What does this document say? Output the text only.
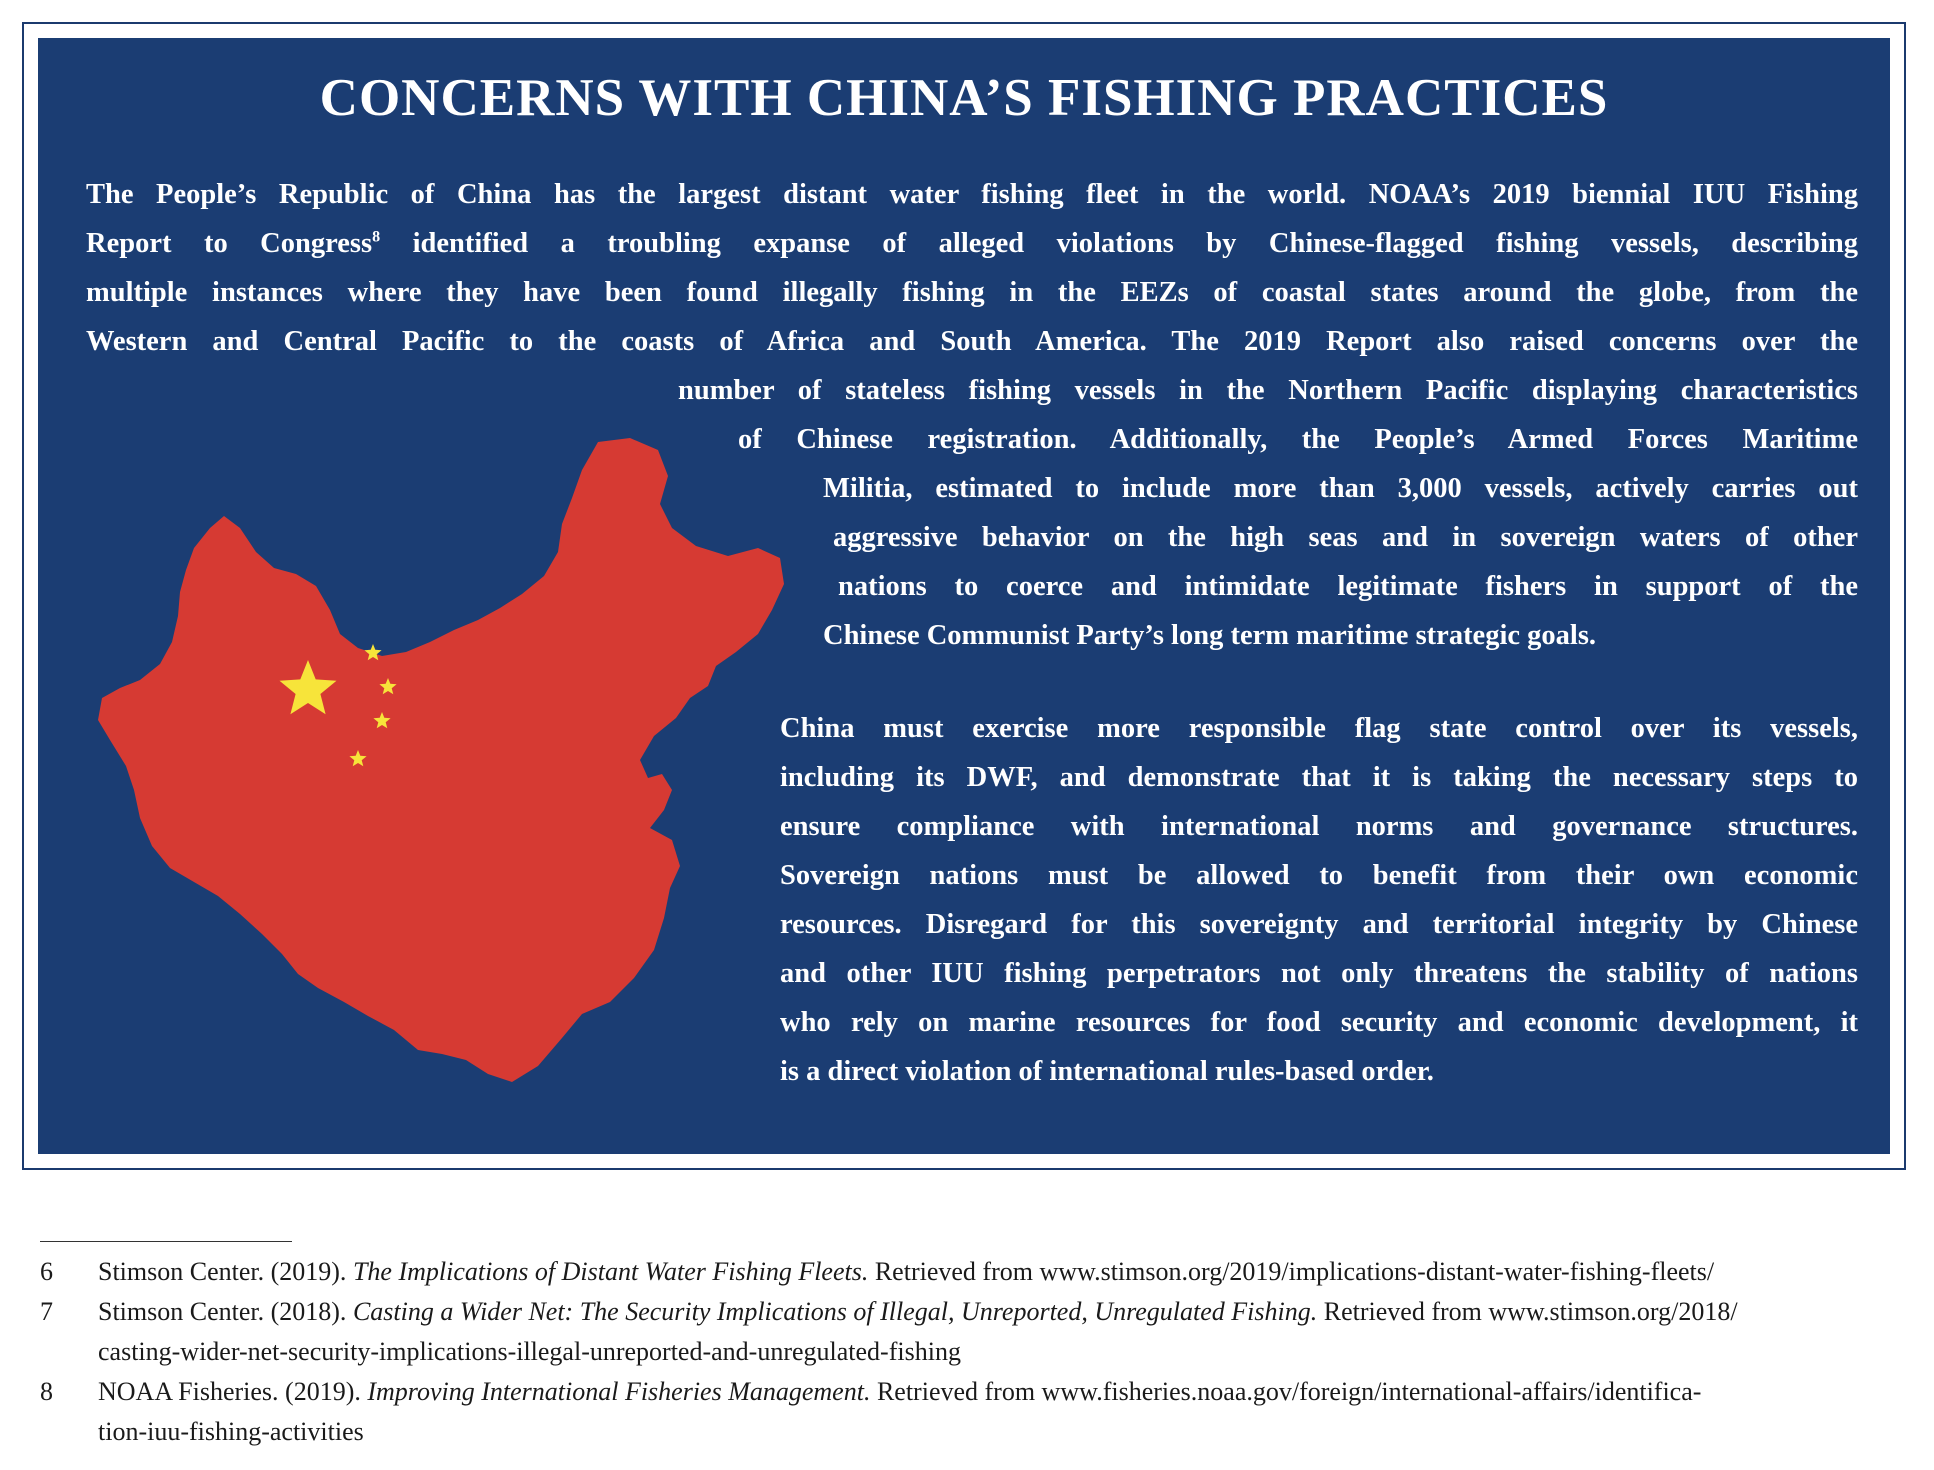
CONCERNS WITH CHINA’S FISHING PRACTICES
The People’s Republic of China has the largest distant water fishing fleet in the world. NOAA’s 2019 biennial IUU Fishing
Report to Congress$^8$ identified a troubling expanse of alleged violations by Chinese-flagged fishing vessels, describing
multiple instances where they have been found illegally fishing in the EEZs of coastal states around the globe, from the
Western and Central Pacific to the coasts of Africa and South America. The 2019 Report also raised concerns over the

number of stateless fishing vessels in the Northern Pacific displaying characteristics

of Chinese registration. Additionally, the People’s Armed Forces Maritime

Militia, estimated to include more than 3,000 vessels, actively carries out

aggressive behavior on the high seas and in sovereign waters of other

nations to coerce and intimidate legitimate fishers in support of the

Chinese Communist Party’s long term maritime strategic goals.

China must exercise more responsible flag state control over its vessels,
including its DWF, and demonstrate that it is taking the necessary steps to
ensure compliance with international norms and governance structures.
Sovereign nations must be allowed to benefit from their own economic
resources. Disregard for this sovereignty and territorial integrity by Chinese
and other IUU fishing perpetrators not only threatens the stability of nations
who rely on marine resources for food security and economic development, it
is a direct violation of international rules-based order.
6 Stimson Center. (2019). The Implications of Distant Water Fishing Fleets. Retrieved from www.stimson.org/2019/implications-distant-water-fishing-fleets/
7 Stimson Center. (2018). Casting a Wider Net: The Security Implications of Illegal, Unreported, Unregulated Fishing. Retrieved from www.stimson.org/2018/
casting-wider-net-security-implications-illegal-unreported-and-unregulated-fishing
8 NOAA Fisheries. (2019). Improving International Fisheries Management. Retrieved from www.fisheries.noaa.gov/foreign/international-affairs/identifica-
tion-iuu-fishing-activities
